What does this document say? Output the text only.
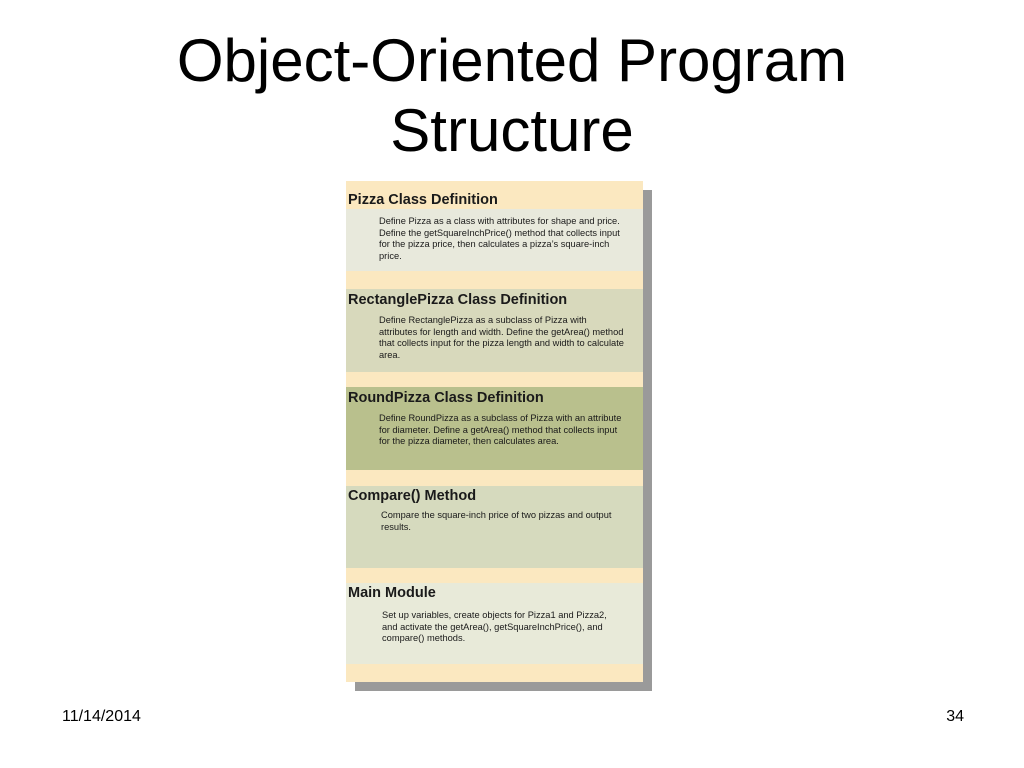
Object-Oriented Program
Structure
Pizza Class Definition
Define Pizza as a class with attributes for shape and price. Define the getSquareInchPrice() method that collects input for the pizza price, then calculates a pizza’s square-inch price.
RectanglePizza Class Definition
Define RectanglePizza as a subclass of Pizza with attributes for length and width. Define the getArea() method that collects input for the pizza length and width to calculate area.
RoundPizza Class Definition
Define RoundPizza as a subclass of Pizza with an attribute for diameter. Define a getArea() method that collects input for the pizza diameter, then calculates area.
Compare() Method
Compare the square-inch price of two pizzas and output results.
Main Module
Set up variables, create objects for Pizza1 and Pizza2, and activate the getArea(), getSquareInchPrice(), and compare() methods.
11/14/2014	34
